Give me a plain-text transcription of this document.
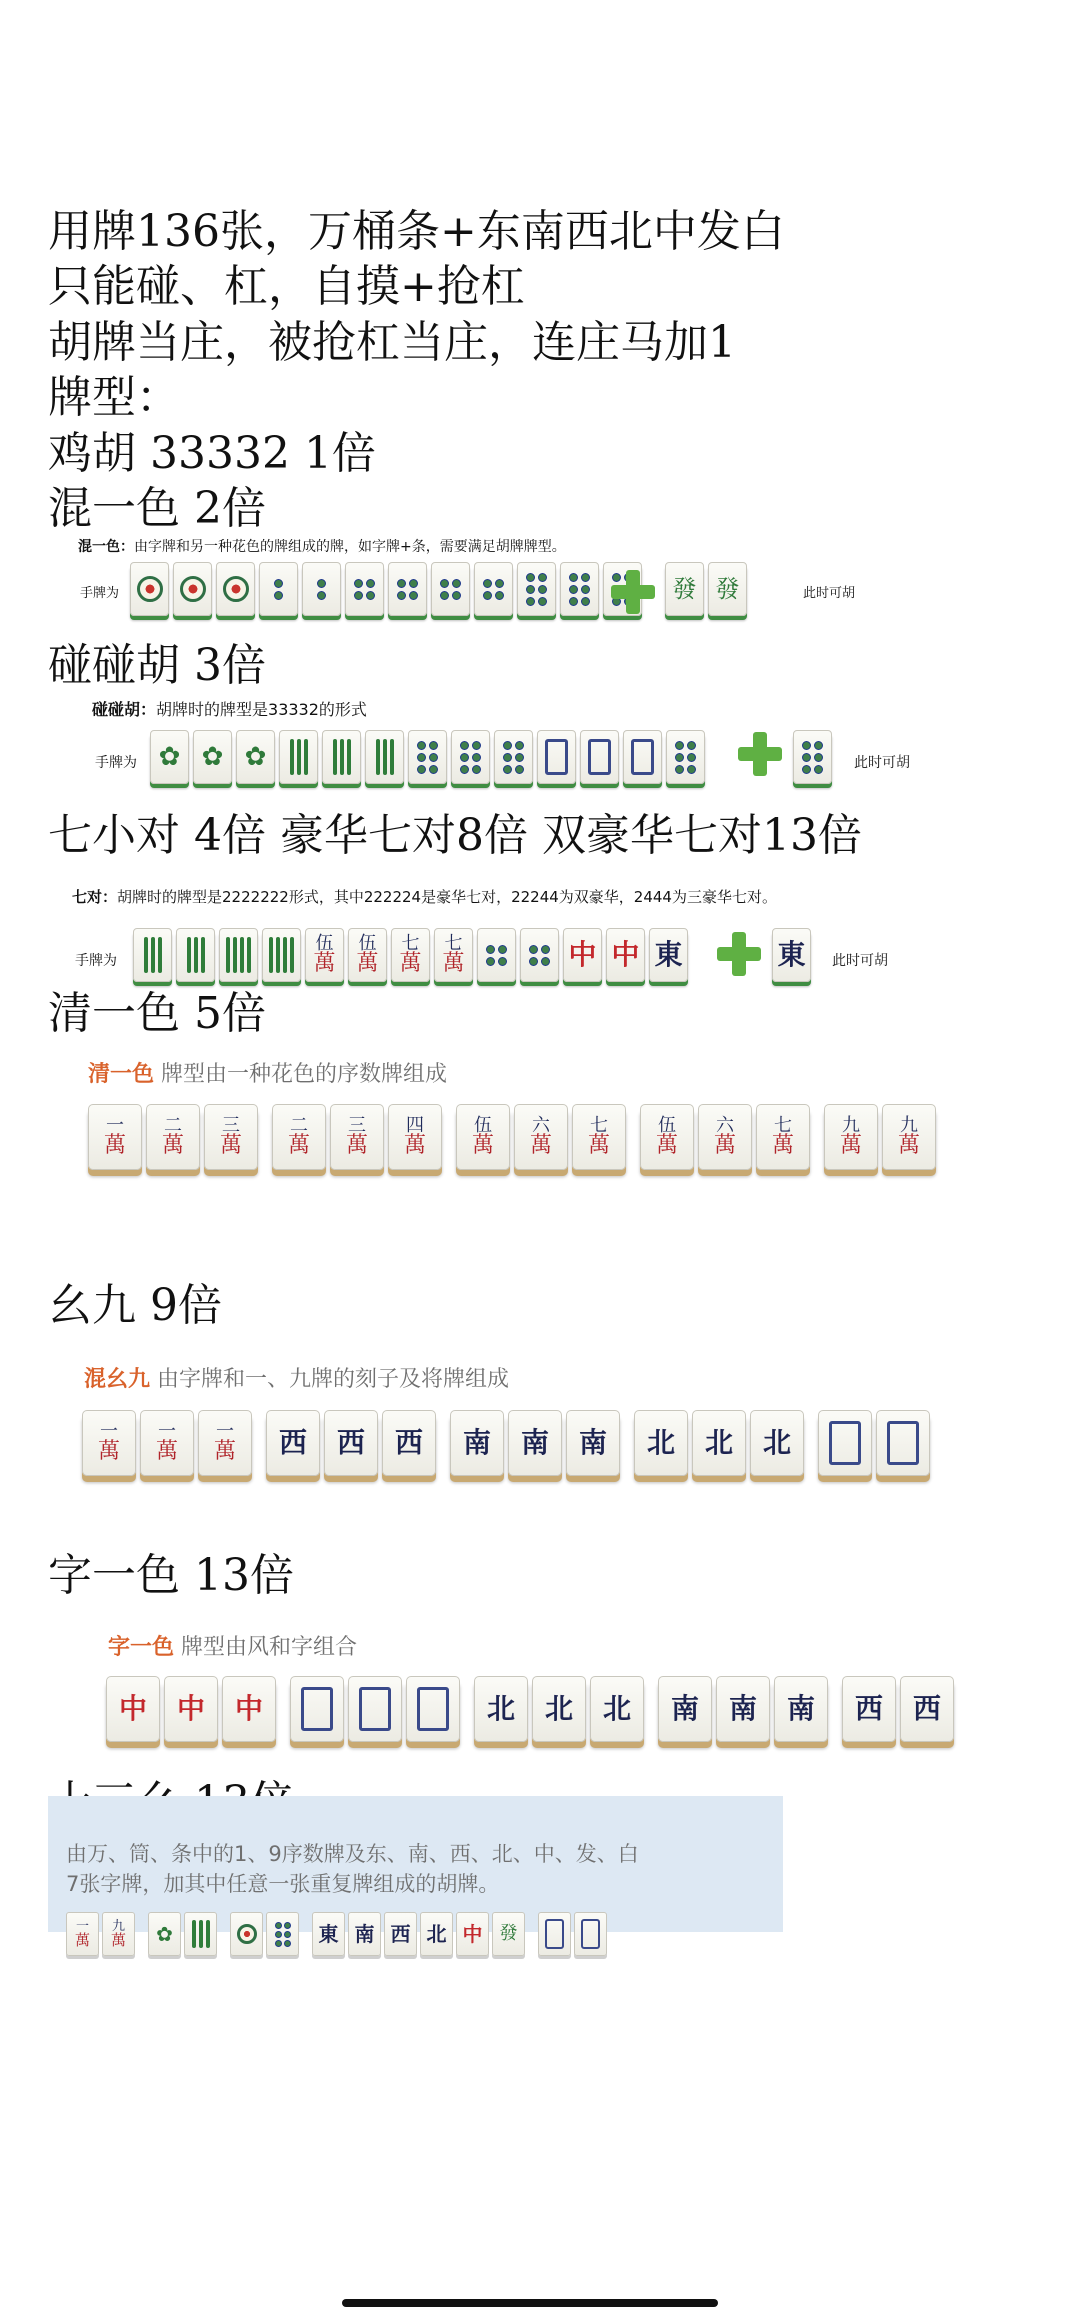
用牌136张，万桶条+东南西北中发白
只能碰、杠，自摸+抢杠
胡牌当庄，被抢杠当庄，连庄马加1
牌型：
鸡胡 33332 1倍
混一色 2倍
混一色：由字牌和另一种花色的牌组成的牌，如字牌+条，需要满足胡牌牌型。
手牌为	發 發	此时可胡
碰碰胡 3倍
碰碰胡：胡牌时的牌型是33332的形式
手牌为 ✿ ✿ ✿	此时可胡
七小对 4倍 豪华七对8倍 双豪华七对13倍
七对：胡牌时的牌型是2222222形式，其中222224是豪华七对，22244为双豪华，2444为三豪华七对。
手牌为
伍
萬
伍
萬
七
萬
七
萬	中 中 東	東 此时可胡
清一色 5倍
清一色 牌型由一种花色的序数牌组成
一
萬
二
萬
三
萬
二
萬
三
萬
四
萬
伍
萬
六
萬
七
萬
伍
萬
六
萬
七
萬
九
萬
九
萬
幺九 9倍
混幺九 由字牌和一、九牌的刻子及将牌组成
一
萬
一
萬
一
萬 西 西 西 南 南 南 北 北 北
字一色 13倍
字一色 牌型由风和字组合
中 中 中	北 北 北 南 南 南 西 西
由万、筒、条中的1、9序数牌及东、南、西、北、中、发、白
7张字牌，加其中任意一张重复牌组成的胡牌。
一
萬
九
萬 ✿	東 南 西 北 中 發
